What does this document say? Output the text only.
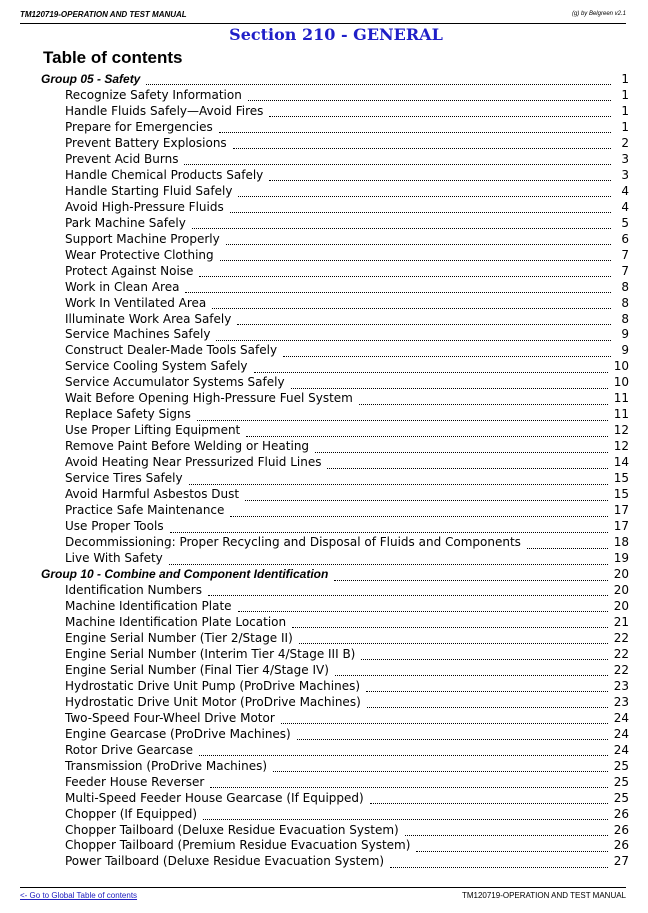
TM120719-OPERATION AND TEST MANUAL	(g) by Belgreen v2.1
Section 210 - GENERAL
Table of contents
Group 05 - Safety	1
Recognize Safety Information	1
Handle Fluids Safely—Avoid Fires	1
Prepare for Emergencies	1
Prevent Battery Explosions	2
Prevent Acid Burns	3
Handle Chemical Products Safely	3
Handle Starting Fluid Safely	4
Avoid High-Pressure Fluids	4
Park Machine Safely	5
Support Machine Properly	6
Wear Protective Clothing	7
Protect Against Noise	7
Work in Clean Area	8
Work In Ventilated Area	8
Illuminate Work Area Safely	8
Service Machines Safely	9
Construct Dealer-Made Tools Safely	9
Service Cooling System Safely	10
Service Accumulator Systems Safely	10
Wait Before Opening High-Pressure Fuel System	11
Replace Safety Signs	11
Use Proper Lifting Equipment	12
Remove Paint Before Welding or Heating	12
Avoid Heating Near Pressurized Fluid Lines	14
Service Tires Safely	15
Avoid Harmful Asbestos Dust	15
Practice Safe Maintenance	17
Use Proper Tools	17
Decommissioning: Proper Recycling and Disposal of Fluids and Components	18
Live With Safety	19
Group 10 - Combine and Component Identification	20
Identification Numbers	20
Machine Identification Plate	20
Machine Identification Plate Location	21
Engine Serial Number (Tier 2/Stage II)	22
Engine Serial Number (Interim Tier 4/Stage III B)	22
Engine Serial Number (Final Tier 4/Stage IV)	22
Hydrostatic Drive Unit Pump (ProDrive Machines)	23
Hydrostatic Drive Unit Motor (ProDrive Machines)	23
Two-Speed Four-Wheel Drive Motor	24
Engine Gearcase (ProDrive Machines)	24
Rotor Drive Gearcase	24
Transmission (ProDrive Machines)	25
Feeder House Reverser	25
Multi-Speed Feeder House Gearcase (If Equipped)	25
Chopper (If Equipped)	26
Chopper Tailboard (Deluxe Residue Evacuation System)	26
Chopper Tailboard (Premium Residue Evacuation System)	26
Power Tailboard (Deluxe Residue Evacuation System)	27
<- Go to Global Table of contents	TM120719-OPERATION AND TEST MANUAL
